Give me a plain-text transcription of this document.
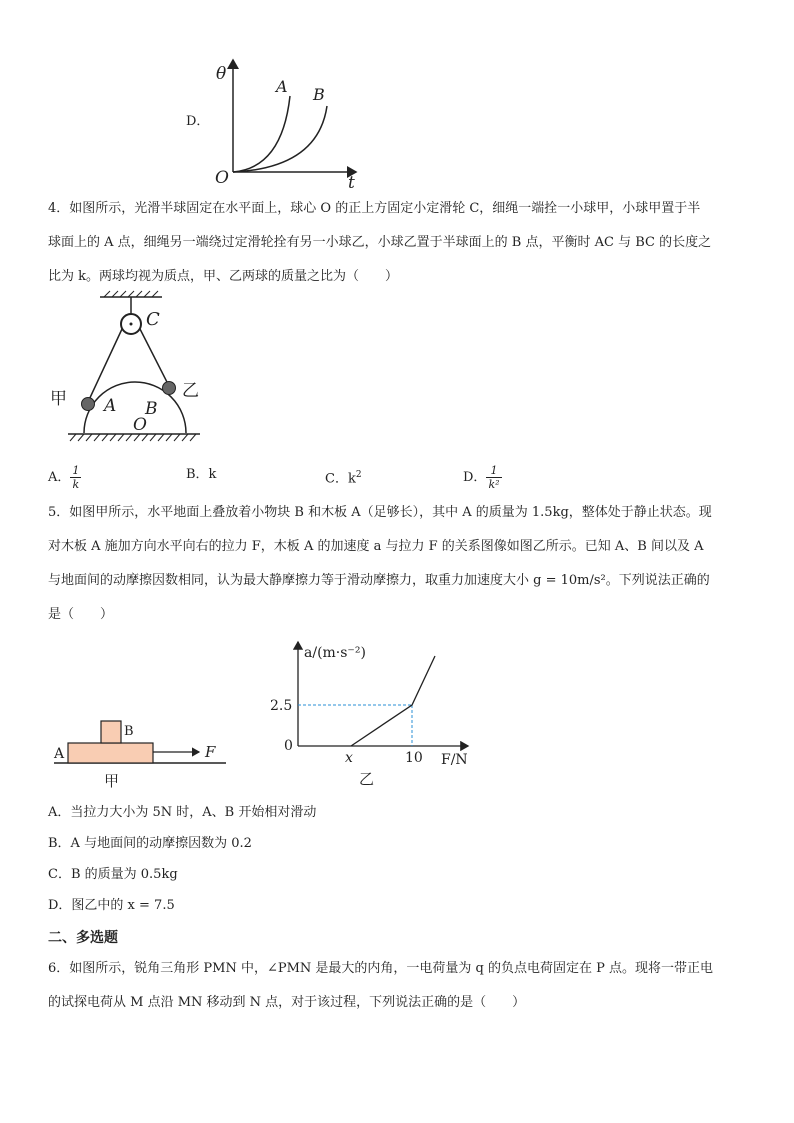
D．
θ
t
O
A B
4．如图所示，光滑半球固定在水平面上，球心 O 的正上方固定小定滑轮 C，细绳一端拴一小球甲，小球甲置于半
球面上的 A 点，细绳另一端绕过定滑轮拴有另一小球乙，小球乙置于半球面上的 B 点，平衡时 AC 与 BC 的长度之
比为 k。两球均视为质点，甲、乙两球的质量之比为（　　）
C
甲	乙
A B
O
A． $\frac{1}{k}$	B．k	C．$k^2$	D． $\frac{1}{\text{k²}}$
5．如图甲所示，水平地面上叠放着小物块 B 和木板 A（足够长），其中 A 的质量为 1.5kg，整体处于静止状态。现
对木板 A 施加方向水平向右的拉力 F，木板 A 的加速度 a 与拉力 F 的关系图像如图乙所示。已知 A、B 间以及 A
与地面间的动摩擦因数相同，认为最大静摩擦力等于滑动摩擦力，取重力加速度大小 g = 10m/s²。下列说法正确的
是（　　）
A
B
F
甲
a/(m·s⁻²)
2.5
0
x	10 F/N
乙
A．当拉力大小为 5N 时，A、B 开始相对滑动
B．A 与地面间的动摩擦因数为 0.2
C．B 的质量为 0.5kg
D．图乙中的 x = 7.5
二、多选题
6．如图所示，锐角三角形 PMN 中，∠PMN 是最大的内角，一电荷量为 q 的负点电荷固定在 P 点。现将一带正电
的试探电荷从 M 点沿 MN 移动到 N 点，对于该过程，下列说法正确的是（　　）
